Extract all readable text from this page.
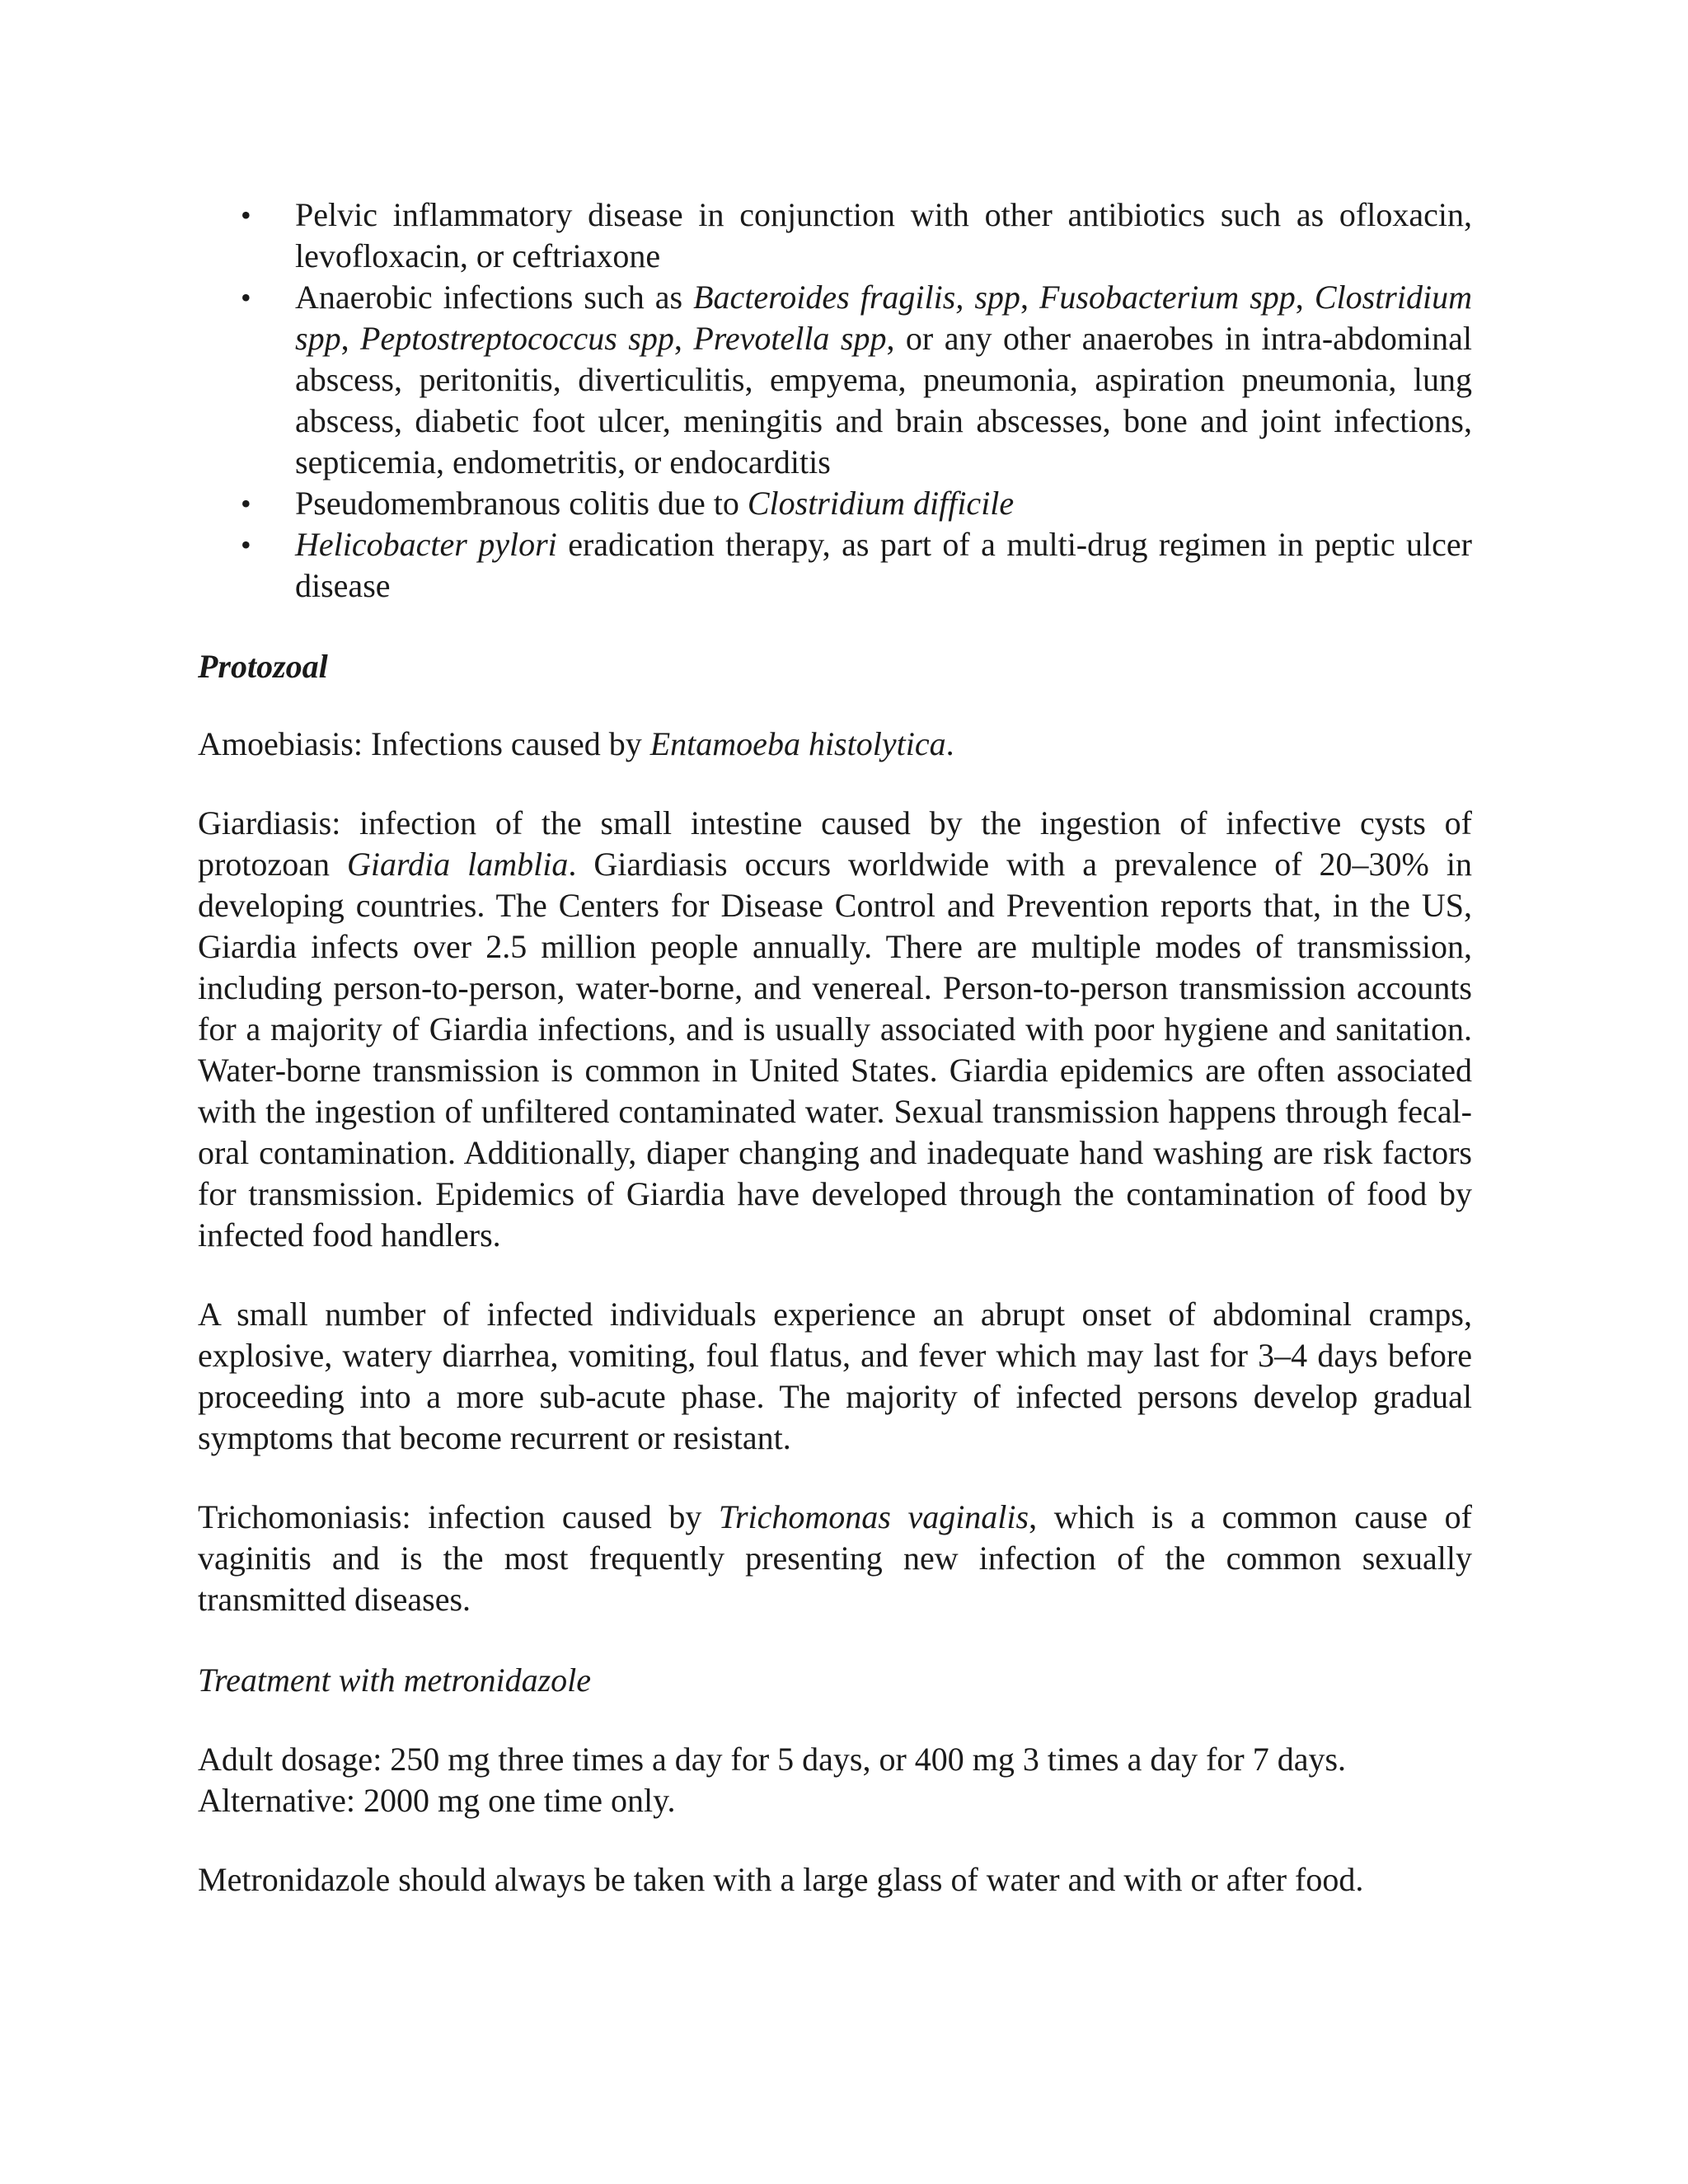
• Pelvic inflammatory disease in conjunction with other antibiotics such as ofloxacin, levofloxacin, or ceftriaxone
• Anaerobic infections such as Bacteroides fragilis, spp, Fusobacterium spp, Clostridium spp, Peptostreptococcus spp, Prevotella spp, or any other anaerobes in intra-abdominal abscess, peritonitis, diverticulitis, empyema, pneumonia, aspiration pneumonia, lung abscess, diabetic foot ulcer, meningitis and brain abscesses, bone and joint infections, septicemia, endometritis, or endocarditis
• Pseudomembranous colitis due to Clostridium difficile
• Helicobacter pylori eradication therapy, as part of a multi-drug regimen in peptic ulcer disease

Protozoal

Amoebiasis: Infections caused by Entamoeba histolytica.

Giardiasis: infection of the small intestine caused by the ingestion of infective cysts of protozoan Giardia lamblia. Giardiasis occurs worldwide with a prevalence of 20–30% in developing countries. The Centers for Disease Control and Prevention reports that, in the US, Giardia infects over 2.5 million people annually. There are multiple modes of transmission, including person-to-person, water-borne, and venereal. Person-to-person transmission accounts for a majority of Giardia infections, and is usually associated with poor hygiene and sanitation. Water-borne transmission is common in United States. Giardia epidemics are often associated with the ingestion of unfiltered contaminated water. Sexual transmission happens through fecal-oral contamination. Additionally, diaper changing and inadequate hand washing are risk factors for transmission. Epidemics of Giardia have developed through the contamination of food by infected food handlers.

A small number of infected individuals experience an abrupt onset of abdominal cramps, explosive, watery diarrhea, vomiting, foul flatus, and fever which may last for 3–4 days before proceeding into a more sub-acute phase. The majority of infected persons develop gradual symptoms that become recurrent or resistant.

Trichomoniasis: infection caused by Trichomonas vaginalis, which is a common cause of vaginitis and is the most frequently presenting new infection of the common sexually transmitted diseases.

Treatment with metronidazole

Adult dosage: 250 mg three times a day for 5 days, or 400 mg 3 times a day for 7 days.
Alternative: 2000 mg one time only.

Metronidazole should always be taken with a large glass of water and with or after food.
